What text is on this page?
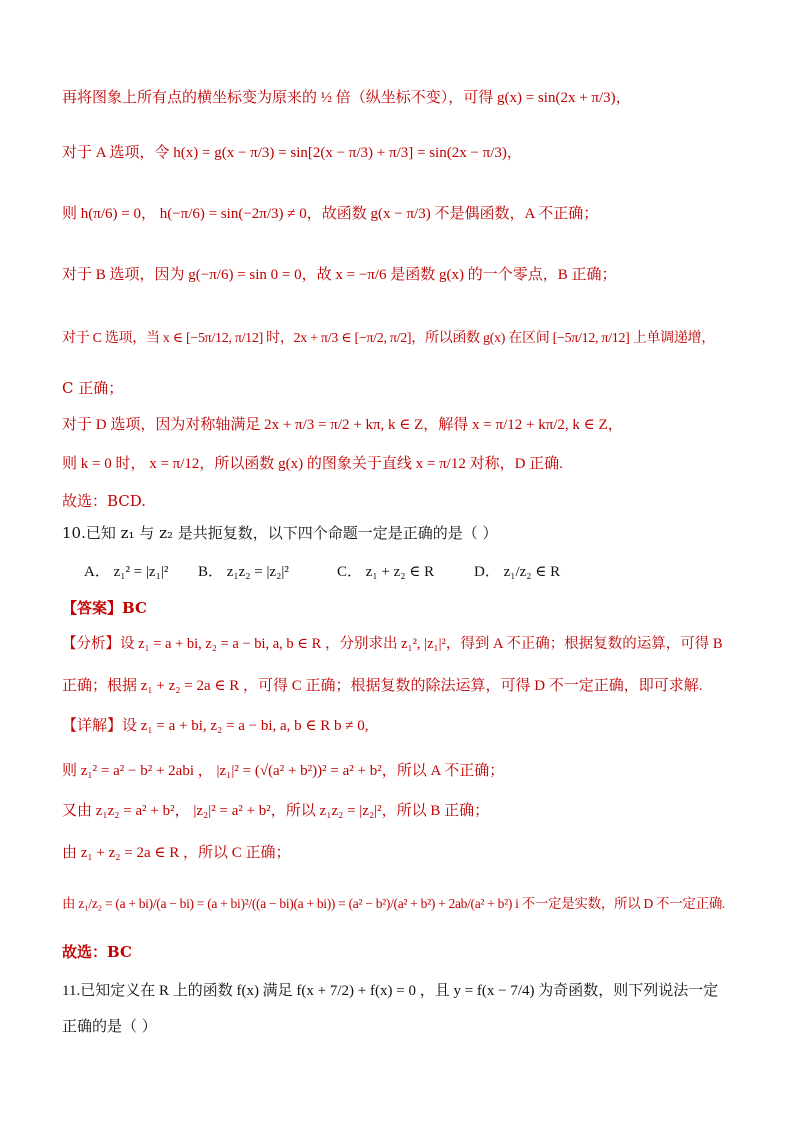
再将图象上所有点的横坐标变为原来的 ½ 倍（纵坐标不变），可得 g(x) = sin(2x + π/3)，
对于 A 选项，令 h(x) = g(x − π/3) = sin[2(x − π/3) + π/3] = sin(2x − π/3)，
则 h(π/6) = 0， h(−π/6) = sin(−2π/3) ≠ 0，故函数 g(x − π/3) 不是偶函数，A 不正确；
对于 B 选项，因为 g(−π/6) = sin 0 = 0，故 x = −π/6 是函数 g(x) 的一个零点，B 正确；
对于 C 选项，当 x ∈ [−5π/12, π/12] 时，2x + π/3 ∈ [−π/2, π/2]，所以函数 g(x) 在区间 [−5π/12, π/12] 上单调递增，
C 正确；
对于 D 选项，因为对称轴满足 2x + π/3 = π/2 + kπ, k ∈ Z，解得 x = π/12 + kπ/2, k ∈ Z，
则 k = 0 时， x = π/12，所以函数 g(x) 的图象关于直线 x = π/12 对称，D 正确.
故选：BCD.
10.已知 z₁ 与 z₂ 是共扼复数，以下四个命题一定是正确的是（ ）
A． z₁² = |z₁|² B． z₁z₂ = |z₂|²	C． z₁ + z₂ ∈ R	D． z₁/z₂ ∈ R
【答案】BC
【分析】设 z₁ = a + bi, z₂ = a − bi, a, b ∈ R ，分别求出 z₁², |z₁|²，得到 A 不正确；根据复数的运算，可得 B
正确；根据 z₁ + z₂ = 2a ∈ R ，可得 C 正确；根据复数的除法运算，可得 D 不一定正确，即可求解.
【详解】设 z₁ = a + bi, z₂ = a − bi, a, b ∈ R b ≠ 0,
则 z₁² = a² − b² + 2abi ， |z₁|² = (√(a² + b²))² = a² + b²，所以 A 不正确；
又由 z₁z₂ = a² + b²， |z₂|² = a² + b²，所以 z₁z₂ = |z₂|²，所以 B 正确；
由 z₁ + z₂ = 2a ∈ R ，所以 C 正确；
由 z₁/z₂ = (a + bi)/(a − bi) = (a + bi)²/((a − bi)(a + bi)) = (a² − b²)/(a² + b²) + 2ab/(a² + b²) i 不一定是实数，所以 D 不一定正确.
故选：BC
11.已知定义在 R 上的函数 f(x) 满足 f(x + 7/2) + f(x) = 0 ，且 y = f(x − 7/4) 为奇函数，则下列说法一定
正确的是（ ）
